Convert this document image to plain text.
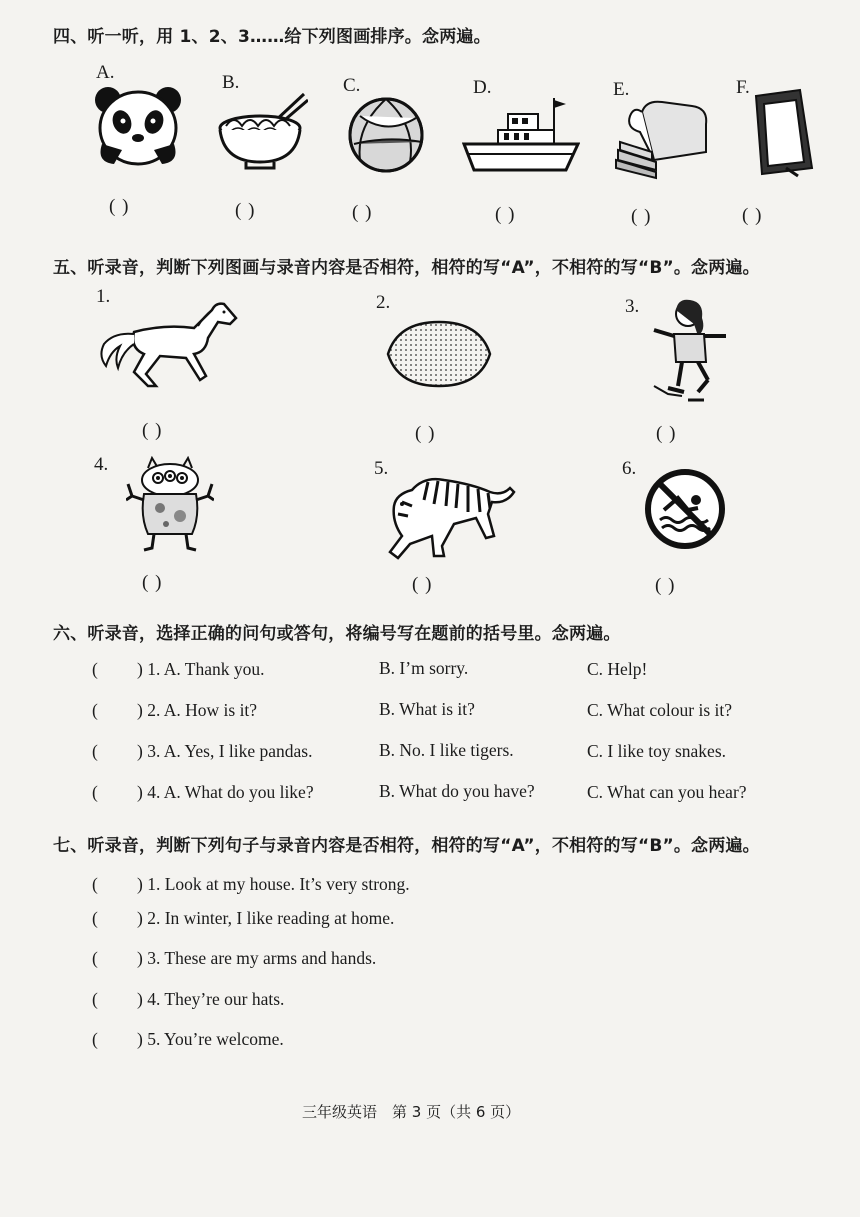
四、听一听，用 1、2、3……给下列图画排序。念两遍。
A.	B.	C.	D.	E.	F.
( )	( )	( )	( )	( )	( )
五、听录音，判断下列图画与录音内容是否相符，相符的写“A”，不相符的写“B”。念两遍。
1.	2.	3.
( )	( )	( )
4.	5.	6.
( )	( )	( )
六、听录音，选择正确的问句或答句，将编号写在题前的括号里。念两遍。
( ) 1. A. Thank you.	B. I’m sorry.	C. Help!
( ) 2. A. How is it?	B. What is it?	C. What colour is it?
( ) 3. A. Yes, I like pandas.	B. No. I like tigers.	C. I like toy snakes.
( ) 4. A. What do you like?	B. What do you have?	C. What can you hear?
七、听录音，判断下列句子与录音内容是否相符，相符的写“A”，不相符的写“B”。念两遍。
( ) 1. Look at my house. It’s very strong.
( ) 2. In winter, I like reading at home.
( ) 3. These are my arms and hands.
( ) 4. They’re our hats.
( ) 5. You’re welcome.
三年级英语　第 3 页（共 6 页）
